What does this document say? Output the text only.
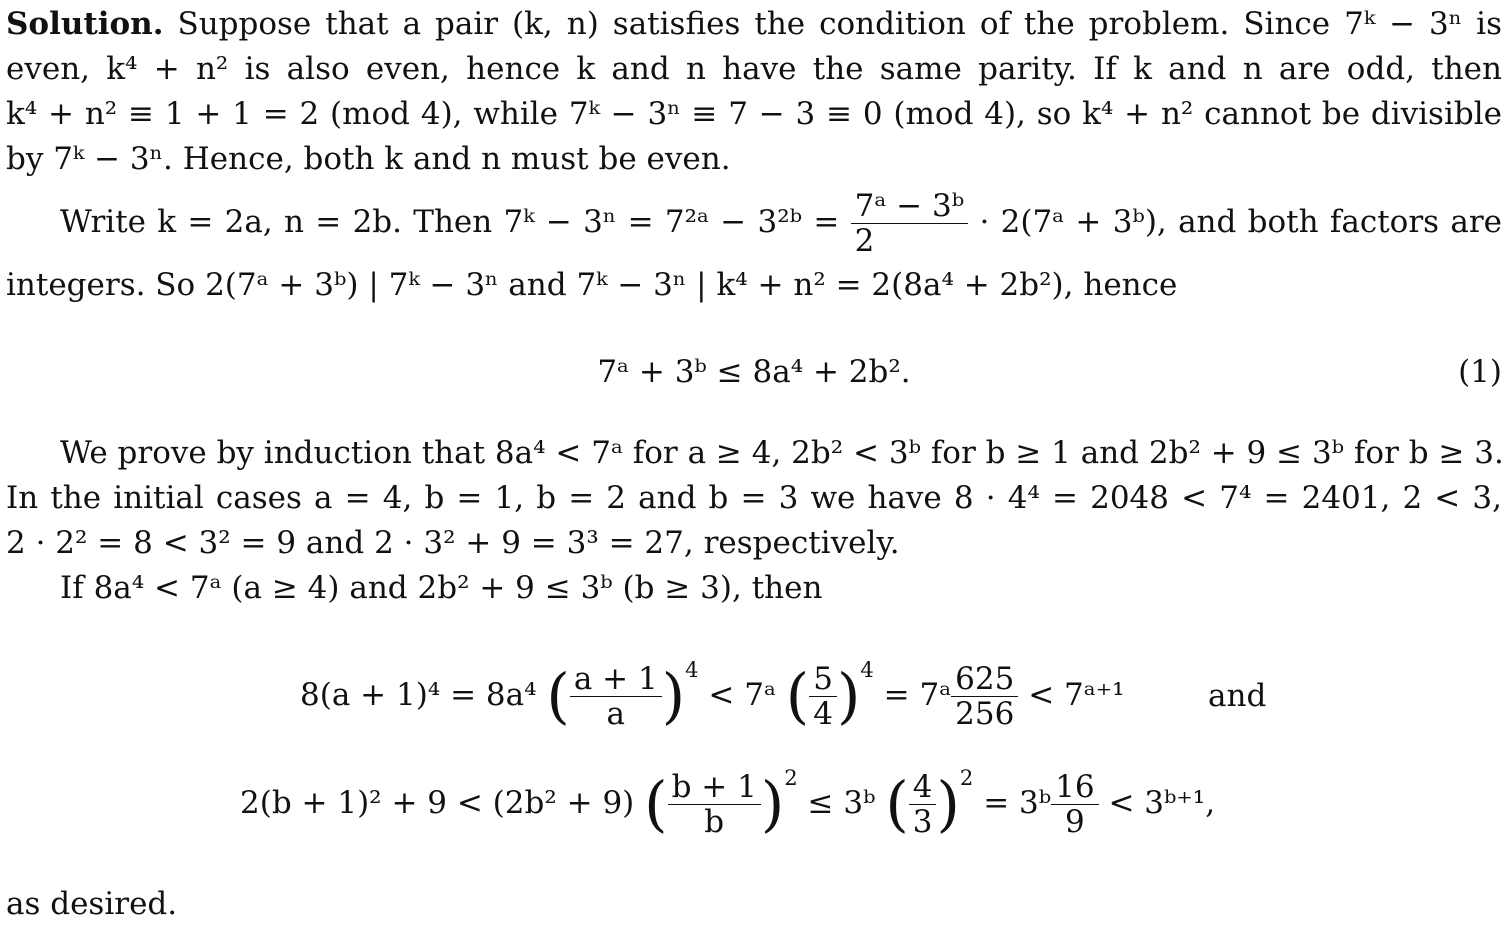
Solution. Suppose that a pair (k, n) satisfies the condition of the problem. Since 7ᵏ − 3ⁿ is
even, k⁴ + n² is also even, hence k and n have the same parity. If k and n are odd, then
k⁴ + n² ≡ 1 + 1 = 2 (mod 4), while 7ᵏ − 3ⁿ ≡ 7 − 3 ≡ 0 (mod 4), so k⁴ + n² cannot be divisible
by 7ᵏ − 3ⁿ. Hence, both k and n must be even.
Write k = 2a, n = 2b. Then 7ᵏ − 3ⁿ = 7²ᵃ − 3²ᵇ = $\frac{\text{7ᵃ − 3ᵇ}}{2}$ · 2(7ᵃ + 3ᵇ), and both factors are
integers. So 2(7ᵃ + 3ᵇ) | 7ᵏ − 3ⁿ and 7ᵏ − 3ⁿ | k⁴ + n² = 2(8a⁴ + 2b²), hence
7ᵃ + 3ᵇ ≤ 8a⁴ + 2b².	(1)
We prove by induction that 8a⁴ < 7ᵃ for a ≥ 4, 2b² < 3ᵇ for b ≥ 1 and 2b² + 9 ≤ 3ᵇ for b ≥ 3.
In the initial cases a = 4, b = 1, b = 2 and b = 3 we have 8 · 4⁴ = 2048 < 7⁴ = 2401, 2 < 3,
2 · 2² = 8 < 3² = 9 and 2 · 3² + 9 = 3³ = 27, respectively.
If 8a⁴ < 7ᵃ (a ≥ 4) and 2b² + 9 ≤ 3ᵇ (b ≥ 3), then
8(a + 1)⁴ = 8a⁴ ( $\frac{a + 1}{a} )^4$ < 7ᵃ ( $\frac{5}{4} )^4$ = 7ᵃ $\frac{625}{256}$ < 7ᵃ⁺¹	and
2(b + 1)² + 9 < (2b² + 9) ( $\frac{b + 1}{b} )^2$ ≤ 3ᵇ ( $\frac{4}{3} )^2$ = 3ᵇ $\frac{16}{9}$ < 3ᵇ⁺¹,
as desired.
